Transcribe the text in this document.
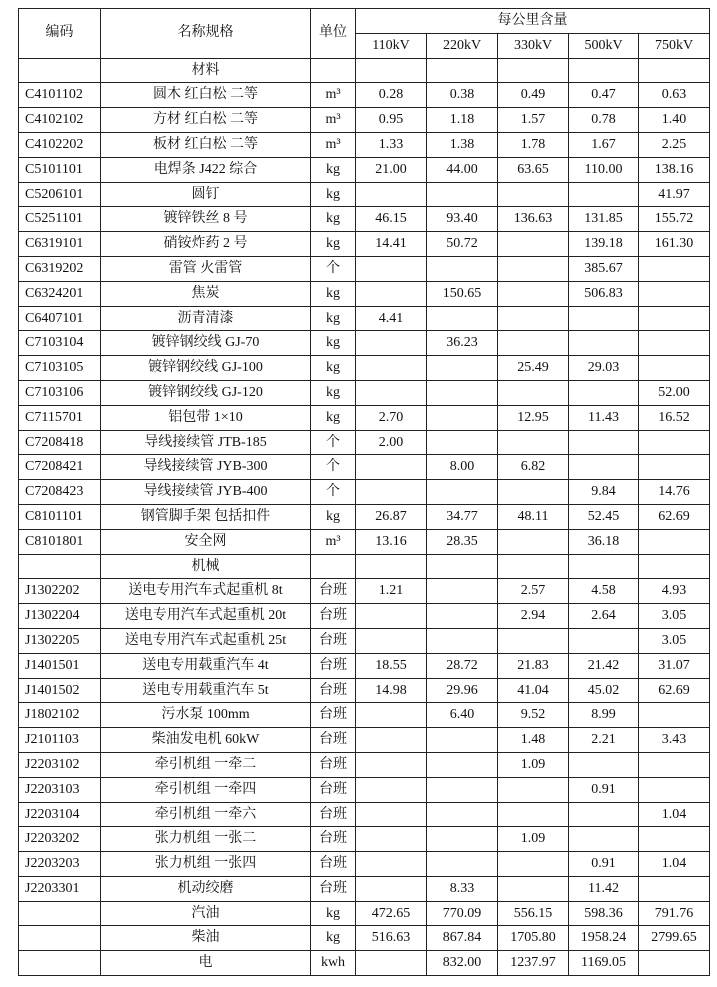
编码	名称规格	单位	每公里含量				
			110kV	220kV	330kV	500kV	750kV
	材料						
C4101102	圆木 红白松 二等	m³	0.28	0.38	0.49	0.47	0.63
C4102102	方材 红白松 二等	m³	0.95	1.18	1.57	0.78	1.40
C4102202	板材 红白松 二等	m³	1.33	1.38	1.78	1.67	2.25
C5101101	电焊条 J422 综合	kg	21.00	44.00	63.65	110.00	138.16
C5206101	圆钉	kg					41.97
C5251101	镀锌铁丝 8 号	kg	46.15	93.40	136.63	131.85	155.72
C6319101	硝铵炸药 2 号	kg	14.41	50.72		139.18	161.30
C6319202	雷管 火雷管	个				385.67	
C6324201	焦炭	kg		150.65		506.83	
C6407101	沥青清漆	kg	4.41				
C7103104	镀锌钢绞线 GJ-70	kg		36.23			
C7103105	镀锌钢绞线 GJ-100	kg			25.49	29.03	
C7103106	镀锌钢绞线 GJ-120	kg					52.00
C7115701	铝包带 1×10	kg	2.70		12.95	11.43	16.52
C7208418	导线接续管 JTB-185	个	2.00				
C7208421	导线接续管 JYB-300	个		8.00	6.82		
C7208423	导线接续管 JYB-400	个				9.84	14.76
C8101101	钢管脚手架 包括扣件	kg	26.87	34.77	48.11	52.45	62.69
C8101801	安全网	m³	13.16	28.35		36.18	
	机械						
J1302202	送电专用汽车式起重机 8t	台班	1.21		2.57	4.58	4.93
J1302204	送电专用汽车式起重机 20t	台班			2.94	2.64	3.05
J1302205	送电专用汽车式起重机 25t	台班					3.05
J1401501	送电专用载重汽车 4t	台班	18.55	28.72	21.83	21.42	31.07
J1401502	送电专用载重汽车 5t	台班	14.98	29.96	41.04	45.02	62.69
J1802102	污水泵 100mm	台班		6.40	9.52	8.99	
J2101103	柴油发电机 60kW	台班			1.48	2.21	3.43
J2203102	牵引机组 一牵二	台班			1.09		
J2203103	牵引机组 一牵四	台班				0.91	
J2203104	牵引机组 一牵六	台班					1.04
J2203202	张力机组 一张二	台班			1.09		
J2203203	张力机组 一张四	台班				0.91	1.04
J2203301	机动绞磨	台班		8.33		11.42	
	汽油	kg	472.65	770.09	556.15	598.36	791.76
	柴油	kg	516.63	867.84	1705.80	1958.24	2799.65
	电	kwh		832.00	1237.97	1169.05	
